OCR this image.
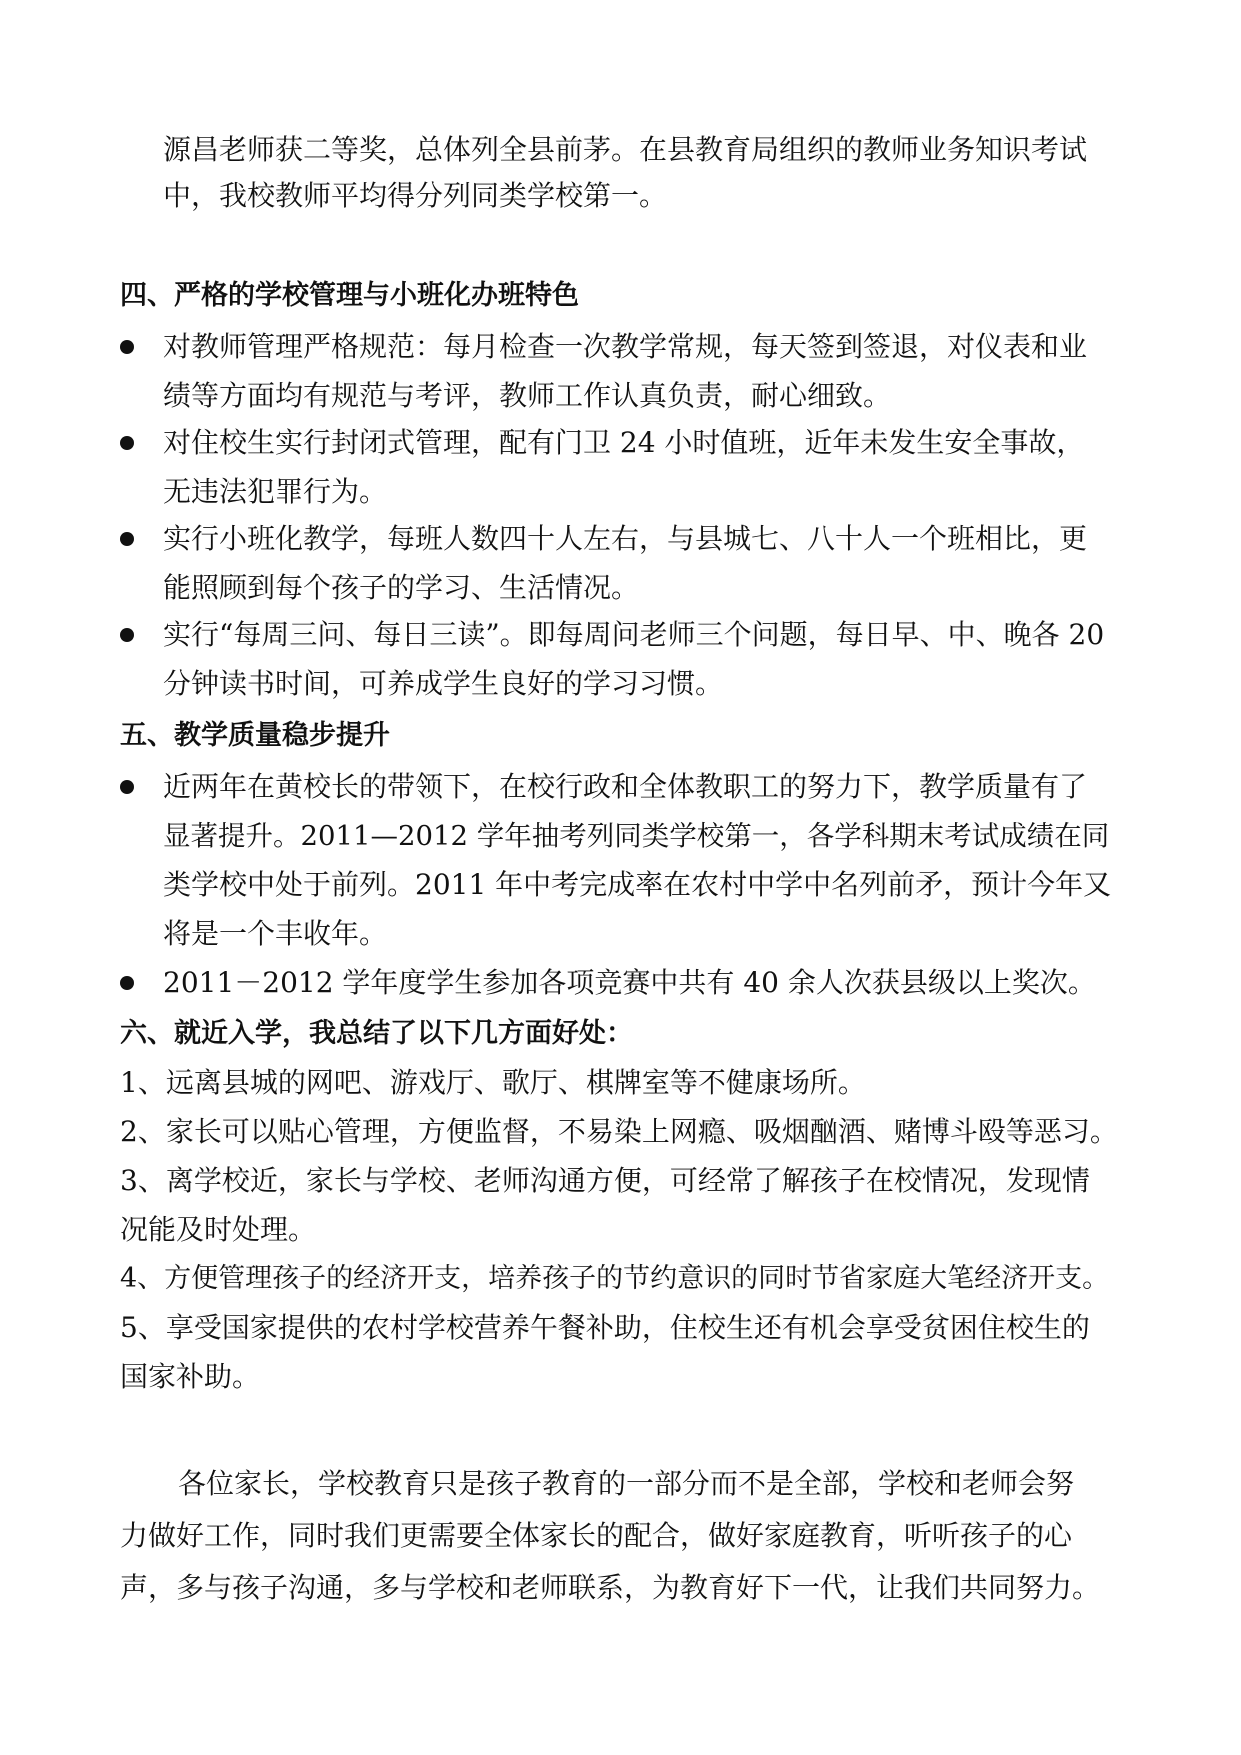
源昌老师获二等奖，总体列全县前茅。在县教育局组织的教师业务知识考试

中，我校教师平均得分列同类学校第一。

四、严格的学校管理与小班化办班特色

对教师管理严格规范：每月检查一次教学常规，每天签到签退，对仪表和业

绩等方面均有规范与考评，教师工作认真负责，耐心细致。

对住校生实行封闭式管理，配有门卫 24 小时值班，近年未发生安全事故，

无违法犯罪行为。

实行小班化教学，每班人数四十人左右，与县城七、八十人一个班相比，更

能照顾到每个孩子的学习、生活情况。

实行“每周三问、每日三读”。即每周问老师三个问题，每日早、中、晚各 20

分钟读书时间，可养成学生良好的学习习惯。

五、教学质量稳步提升

近两年在黄校长的带领下，在校行政和全体教职工的努力下，教学质量有了

显著提升。2011—2012 学年抽考列同类学校第一，各学科期末考试成绩在同

类学校中处于前列。2011 年中考完成率在农村中学中名列前矛，预计今年又

将是一个丰收年。

2011－2012 学年度学生参加各项竞赛中共有 40 余人次获县级以上奖次。

六、就近入学，我总结了以下几方面好处：

1、远离县城的网吧、游戏厅、歌厅、棋牌室等不健康场所。

2、家长可以贴心管理，方便监督，不易染上网瘾、吸烟酗酒、赌博斗殴等恶习。

3、离学校近，家长与学校、老师沟通方便，可经常了解孩子在校情况，发现情

况能及时处理。

4、方便管理孩子的经济开支，培养孩子的节约意识的同时节省家庭大笔经济开支。

5、享受国家提供的农村学校营养午餐补助，住校生还有机会享受贫困住校生的

国家补助。

各位家长，学校教育只是孩子教育的一部分而不是全部，学校和老师会努

力做好工作，同时我们更需要全体家长的配合，做好家庭教育，听听孩子的心

声，多与孩子沟通，多与学校和老师联系，为教育好下一代，让我们共同努力。
